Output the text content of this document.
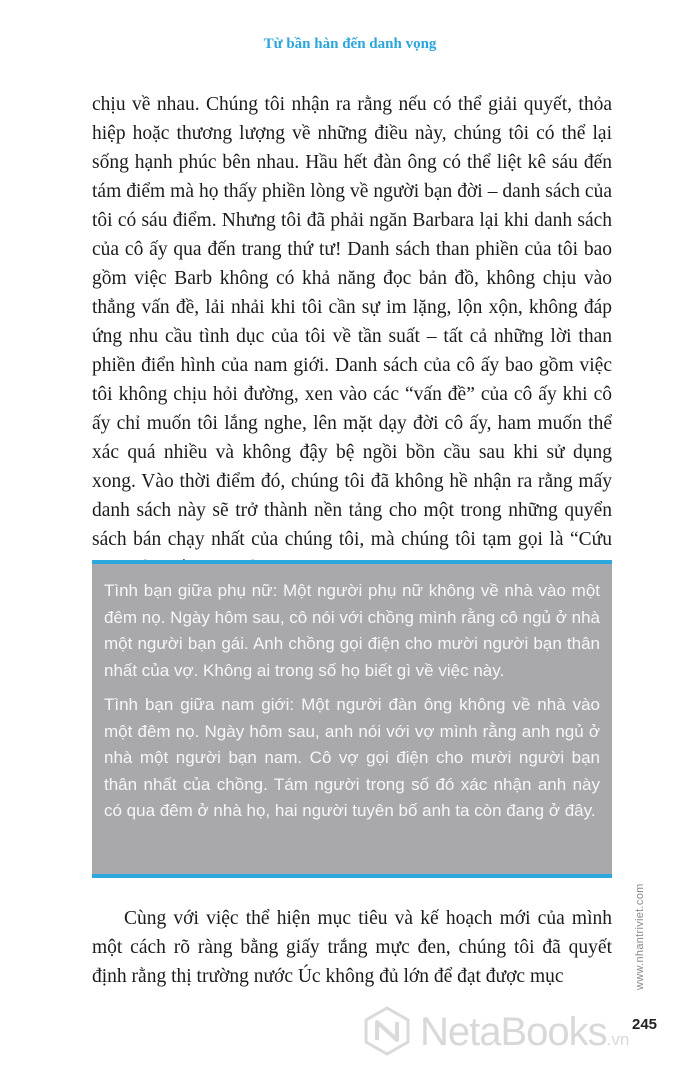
Từ bần hàn đến danh vọng

chịu về nhau. Chúng tôi nhận ra rằng nếu có thể giải quyết, thỏa hiệp hoặc thương lượng về những điều này, chúng tôi có thể lại sống hạnh phúc bên nhau. Hầu hết đàn ông có thể liệt kê sáu đến tám điểm mà họ thấy phiền lòng về người bạn đời – danh sách của tôi có sáu điểm. Nhưng tôi đã phải ngăn Barbara lại khi danh sách của cô ấy qua đến trang thứ tư! Danh sách than phiền của tôi bao gồm việc Barb không có khả năng đọc bản đồ, không chịu vào thẳng vấn đề, lải nhải khi tôi cần sự im lặng, lộn xộn, không đáp ứng nhu cầu tình dục của tôi về tần suất – tất cả những lời than phiền điển hình của nam giới. Danh sách của cô ấy bao gồm việc tôi không chịu hỏi đường, xen vào các “vấn đề” của cô ấy khi cô ấy chỉ muốn tôi lắng nghe, lên mặt dạy đời cô ấy, ham muốn thể xác quá nhiều và không đậy bệ ngồi bồn cầu sau khi sử dụng xong. Vào thời điểm đó, chúng tôi đã không hề nhận ra rằng mấy danh sách này sẽ trở thành nền tảng cho một trong những quyển sách bán chạy nhất của chúng tôi, mà chúng tôi tạm gọi là “Cứu

Tình bạn giữa phụ nữ: Một người phụ nữ không về nhà vào một đêm nọ. Ngày hôm sau, cô nói với chồng mình rằng cô ngủ ở nhà một người bạn gái. Anh chồng gọi điện cho mười người bạn thân nhất của vợ. Không ai trong số họ biết gì về việc này.

Tình bạn giữa nam giới: Một người đàn ông không về nhà vào một đêm nọ. Ngày hôm sau, anh nói với vợ mình rằng anh ngủ ở nhà một người bạn nam. Cô vợ gọi điện cho mười người bạn thân nhất của chồng. Tám người trong số đó xác nhận anh này có qua đêm ở nhà họ, hai người tuyên bố anh ta còn đang ở đây.

Cùng với việc thể hiện mục tiêu và kế hoạch mới của mình một cách rõ ràng bằng giấy trắng mực đen, chúng tôi đã quyết định rằng thị trường nước Úc không đủ lớn để đạt được mục	www.nhantriviet.com
245
NetaBooks.vn
